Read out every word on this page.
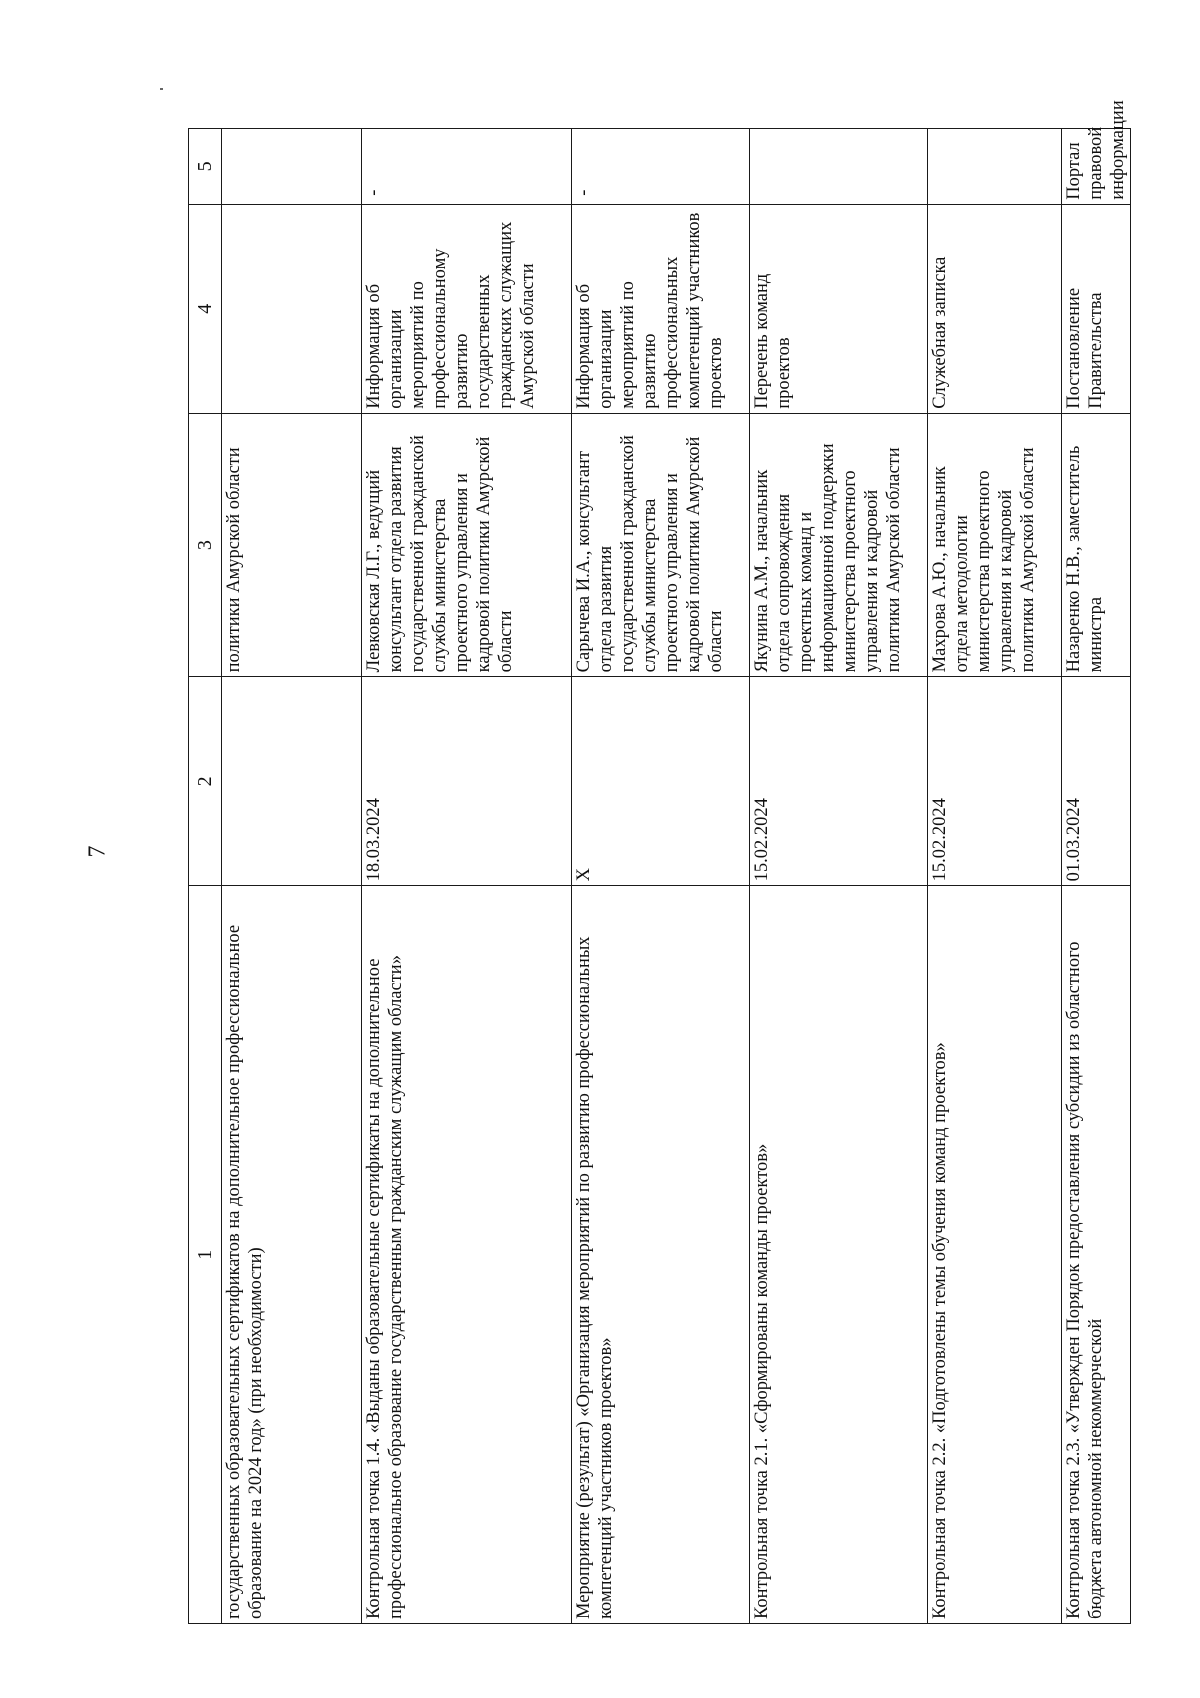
7
1	2	3	4	5
государственных образовательных сертификатов на дополнительное профессиональное образование на 2024 год» (при необходимости)		политики Амурской области		
Контрольная точка 1.4. «Выданы образовательные сертификаты на дополнительное профессиональное образование государственным гражданским служащим области»	18.03.2024	Левковская Л.Г., ведущий консультант отдела развития государственной гражданской службы министерства проектного управления и кадровой политики Амурской области	Информация об организации мероприятий по профессиональному развитию государственных гражданских служащих Амурской области	-
Мероприятие (результат) «Организация мероприятий по развитию профессиональных компетенций участников проектов»	X	Сарычева И.А., консультант отдела развития государственной гражданской службы министерства проектного управления и кадровой политики Амурской области	Информация об организации мероприятий по развитию профессиональных компетенций участников проектов	-
Контрольная точка 2.1. «Сформированы команды проектов»	15.02.2024	Якунина А.М., начальник отдела сопровождения проектных команд и информационной поддержки министерства проектного управления и кадровой политики Амурской области	Перечень команд проектов	
Контрольная точка 2.2. «Подготовлены темы обучения команд проектов»	15.02.2024	Махрова А.Ю., начальник отдела методологии министерства проектного управления и кадровой политики Амурской области	Служебная записка	
Контрольная точка 2.3. «Утвержден Порядок предоставления субсидии из областного бюджета автономной некоммерческой	01.03.2024	Назаренко Н.В., заместитель министра	Постановление Правительства	Портал правовой информации
